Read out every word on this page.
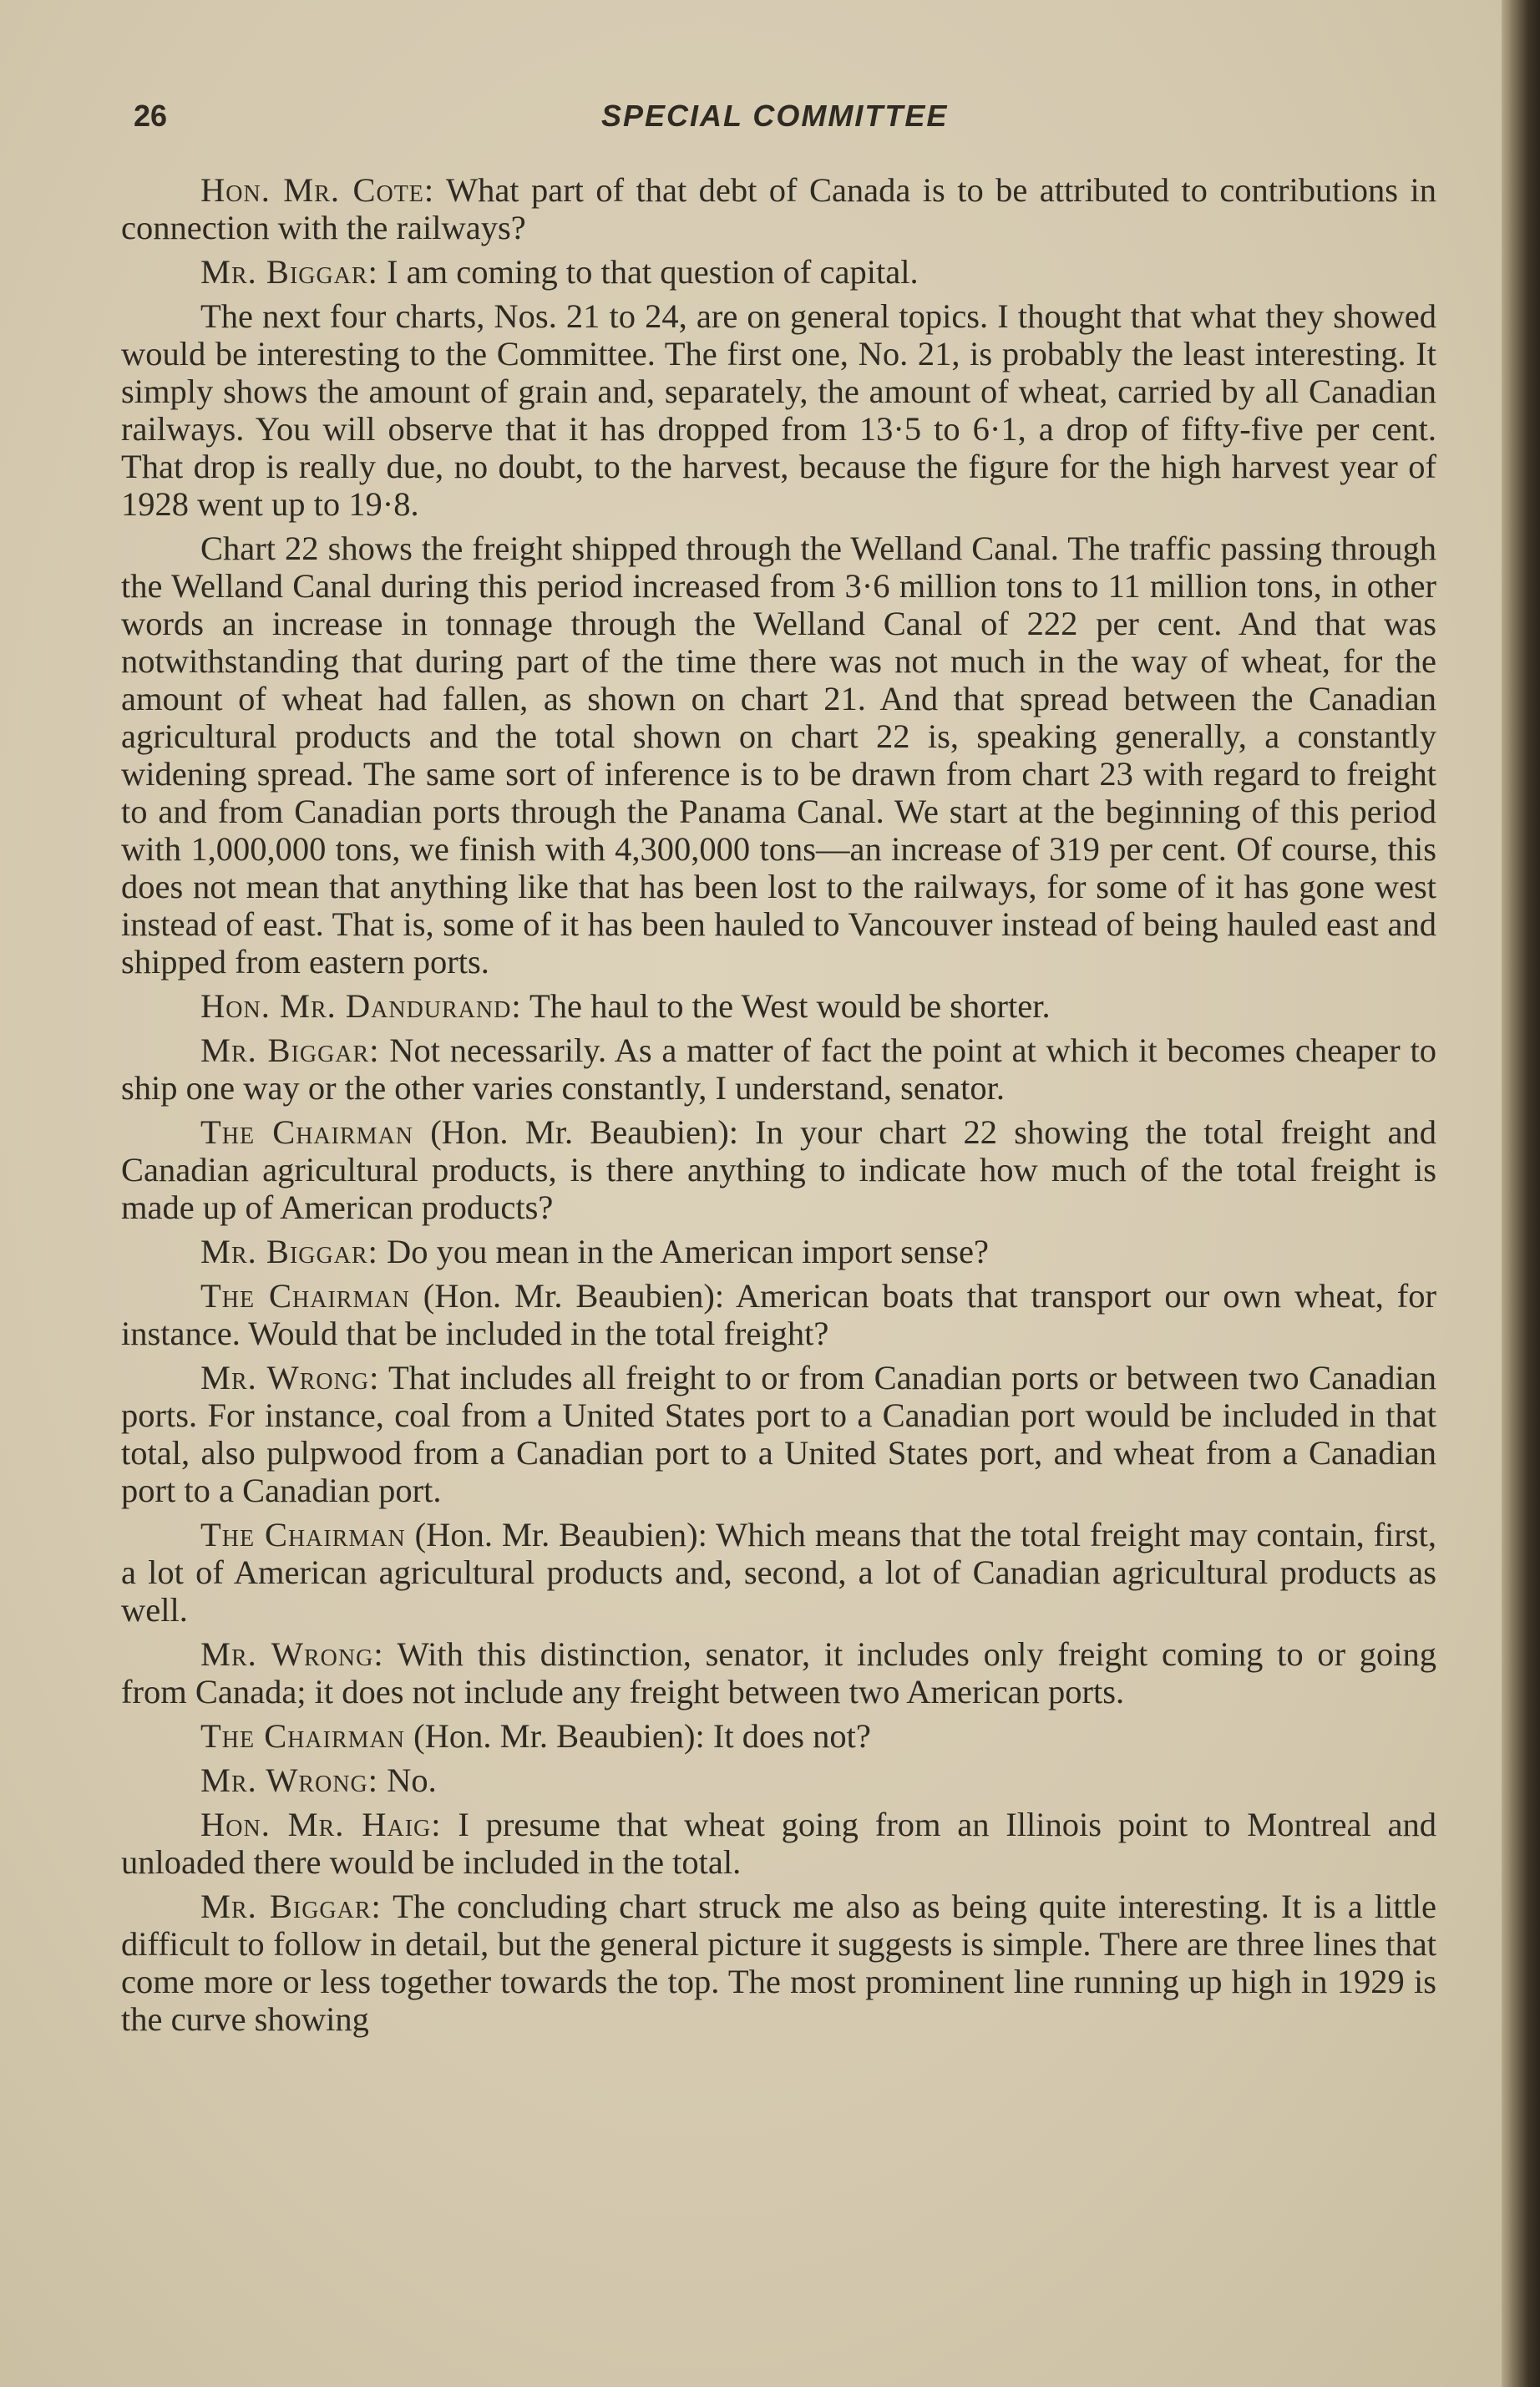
26	SPECIAL COMMITTEE

Hon. Mr. Cote: What part of that debt of Canada is to be attributed to contributions in connection with the railways?

Mr. Biggar: I am coming to that question of capital.

The next four charts, Nos. 21 to 24, are on general topics. I thought that what they showed would be interesting to the Committee. The first one, No. 21, is probably the least interesting. It simply shows the amount of grain and, separately, the amount of wheat, carried by all Canadian railways. You will observe that it has dropped from 13·5 to 6·1, a drop of fifty-five per cent. That drop is really due, no doubt, to the harvest, because the figure for the high harvest year of 1928 went up to 19·8.

Chart 22 shows the freight shipped through the Welland Canal. The traffic passing through the Welland Canal during this period increased from 3·6 million tons to 11 million tons, in other words an increase in tonnage through the Welland Canal of 222 per cent. And that was notwithstanding that during part of the time there was not much in the way of wheat, for the amount of wheat had fallen, as shown on chart 21. And that spread between the Canadian agricultural products and the total shown on chart 22 is, speaking generally, a constantly widening spread. The same sort of inference is to be drawn from chart 23 with regard to freight to and from Canadian ports through the Panama Canal. We start at the beginning of this period with 1,000,000 tons, we finish with 4,300,000 tons—an increase of 319 per cent. Of course, this does not mean that anything like that has been lost to the railways, for some of it has gone west instead of east. That is, some of it has been hauled to Vancouver instead of being hauled east and shipped from eastern ports.

Hon. Mr. Dandurand: The haul to the West would be shorter.

Mr. Biggar: Not necessarily. As a matter of fact the point at which it becomes cheaper to ship one way or the other varies constantly, I understand, senator.

The Chairman (Hon. Mr. Beaubien): In your chart 22 showing the total freight and Canadian agricultural products, is there anything to indicate how much of the total freight is made up of American products?

Mr. Biggar: Do you mean in the American import sense?

The Chairman (Hon. Mr. Beaubien): American boats that transport our own wheat, for instance. Would that be included in the total freight?

Mr. Wrong: That includes all freight to or from Canadian ports or between two Canadian ports. For instance, coal from a United States port to a Canadian port would be included in that total, also pulpwood from a Canadian port to a United States port, and wheat from a Canadian port to a Canadian port.

The Chairman (Hon. Mr. Beaubien): Which means that the total freight may contain, first, a lot of American agricultural products and, second, a lot of Canadian agricultural products as well.

Mr. Wrong: With this distinction, senator, it includes only freight coming to or going from Canada; it does not include any freight between two American ports.

The Chairman (Hon. Mr. Beaubien): It does not?

Mr. Wrong: No.

Hon. Mr. Haig: I presume that wheat going from an Illinois point to Montreal and unloaded there would be included in the total.

Mr. Biggar: The concluding chart struck me also as being quite interesting. It is a little difficult to follow in detail, but the general picture it suggests is simple. There are three lines that come more or less together towards the top. The most prominent line running up high in 1929 is the curve showing
